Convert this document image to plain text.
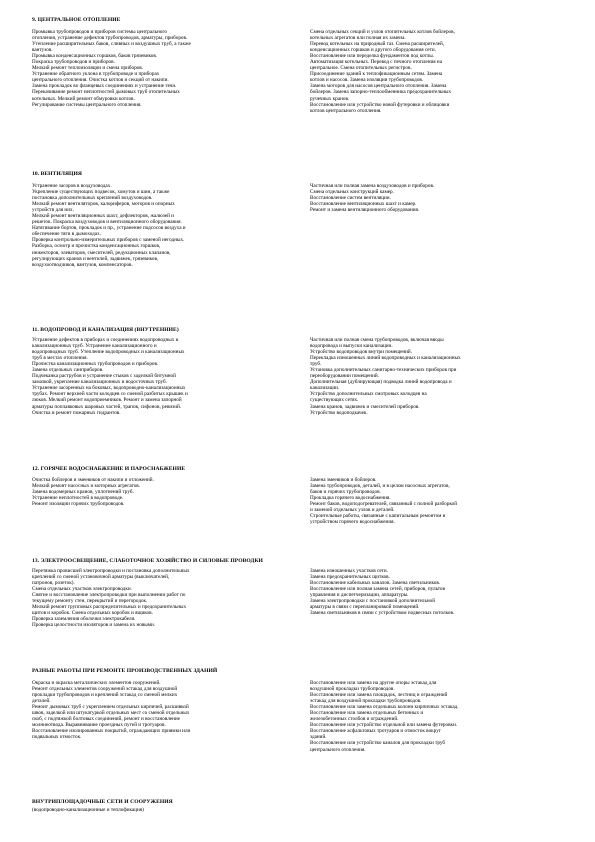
9. ЦЕНТРАЛЬНОЕ ОТОПЛЕНИЕ
Промывка трубопроводов и приборов системы центрального
отопления, устранение дефектов трубопроводов, арматуры, приборов.
Утепление расширительных баков, сливных и воздушных труб, а также
вантузов.
Промывка конденсационных горшков, баков грязевиков.
Покраска трубопроводов и приборов.
Мелкий ремонт теплоизоляции и смена приборов.
Устранение обратного уклона в трубопроводе и приборах
центрального отопления. Очистка котлов и секций от накипи.
Замена прокладок во фланцевых соединениях и устранение течи.
Перекачивание ремонт неплотностей дымовых труб отопительных
котельных. Мелкий ремонт обмуровки котлов.
Регулирование системы центрального отопления.
Смена отдельных секций и узлов отопительных котлов бойлеров,
котельных агрегатов или полная их замена.
Перевод котельных на природный газ. Смена расширителей,
конденсационных горшков и другого оборудования сети.
Восстановление или переделка фундаментов под котлы.
Автоматизация котельных. Перевод с печного отопления на
центральное. Смена отопительных регистров.
Присоединение зданий к теплофикационным сетям. Замена
котлов и насосов. Замена изоляции трубопроводов.
Замена моторов для насосов центрального отопления. Замена
бойлеров. Замена запорно-теплообменника предохранительных
ручечных кранов.
Восстановление или устройство новой футеровки и облицовки
котлов центрального отопления.
10. ВЕНТИЛЯЦИЯ
Устранение засоров в воздуховодах.
Укрепление существующих подвесок, хомутов и шин, а также
постановка дополнительных креплений воздуховодов.
Мелкий ремонт вентиляторов, калориферов, моторов и опорных
устройств для них.
Мелкий ремонт вентиляционных шахт, дефлекторов, жалюзей и
решеток. Покраска воздуховодов и вентиляционного оборудования.
Натягивание бортов, прокладок и пр., устранение подсосов воздуха и
обеспечение тяги в дымоходах.
Проверка контрольно-измерительных приборов с заменой негодных.
Разборка, осмотр и прочистка конденсационных горшков,
инжекторов, элеваторов, смесителей, редукционных клапанов,
регулирующих кранов и вентилей, задвижек, грязевиков,
воздухоотводчиков, вантузов, компенсаторов.
Частичная или полная замена воздуховодов и приборов.
Смена отдельных конструкций камер.
Восстановление систем вентиляции.
Восстановление вентиляционных шахт и камер.
Ремонт и замена вентиляционного оборудования.
11. ВОДОПРОВОД И КАНАЛИЗАЦИЯ (ВНУТРЕННИЕ)
Устранение дефектов в приборах и соединениях водопроводных и
канализационных труб. Устранение канализационного и
водопроводных труб. Утепление водопроводных и канализационных
труб в местах отопления.
Прочистка канализационных трубопроводов и приборов.
Замена отдельных санприборов.
Подчеканка раструбов и устранение стыков с заделкой битумной
замазкой, укрепление канализационных и водосточных труб.
Устранение засоренных на боковых, водопроводно-канализационных
трубах. Ремонт верхней части колодцев со сменой разбитых крышек и
люков. Мелкий ремонт водоприемников. Ремонт и замена запорной
арматуры поплавковых шаровых частей, трапов, сифонов, ревизий.
Очистка и ремонт пожарных гидрантов.
Частичная или полная смена трубопроводов, включая вводы
водопровода и выпуски канализации.
Устройство водопроводов внутри помещений.
Перекладка изношенных линий водопроводных и канализационных
труб.
Установка дополнительных санитарно-технических приборов при
переоборудовании помещений.
Дополнительная (дублирующая) подводка линий водопровода и
канализации.
Устройство дополнительных смотровых колодцев на
существующих сетях.
Замена кранов, задвижек и смесителей приборов.
Устройство водоподкачек.
12. ГОРЯЧЕЕ ВОДОСНАБЖЕНИЕ И ПАРОСНАБЖЕНИЕ
Очистка бойлеров и змеевиков от накипи и отложений.
Мелкий ремонт насосных и моторных агрегатов.
Замена водомерных кранов, уплотнений труб.
Устранение неплотностей в водопроводе.
Ремонт изоляции горячих трубопроводов.
Замена змеевиков и бойлеров.
Замена трубопроводов, деталей, и в целом насосных агрегатов,
баков и горячих трубопроводов.
Прокладка горячего водоснабжения.
Ремонт баков, водоподогревателей, связанный с полной разборкой
и заменой отдельных узлов и деталей.
Строительные работы, связанные с капитальным ремонтом и
устройством горячего водоснабжения.
13. ЭЛЕКТРООСВЕЩЕНИЕ, СЛАБОТОЧНОЕ ХОЗЯЙСТВО И СИЛОВЫЕ ПРОВОДКИ
Перетяжка провисшей электропроводки и постановка дополнительных
креплений со сменой установочной арматуры (выключателей,
патронов, розеток).
Смена отдельных участков электропроводки.
Снятие и восстановление электропроводки при выполнении работ по
текущему ремонту стен, перекрытий и перегородок.
Мелкий ремонт групповых распределительных и предохранительных
щитов и коробок. Смена отдельных коробок и ящиков.
Проверка заземления оболочки электрокабеля.
Проверка целостности изоляторов и замена их новыми.
Замена изношенных участков сети.
Замена предохранительных щитков.
Восстановление кабельных каналов. Замена светильников.
Восстановление или полная замена сетей, приборов, пультов
управления и диспетчеризации, аппаратуры.
Замена электропроводки с постановкой дополнительной
арматуры в связи с перепланировкой помещений.
Замена светильников в связи с устройством подвесных потолков.
РАЗНЫЕ РАБОТЫ ПРИ РЕМОНТЕ ПРОИЗВОДСТВЕННЫХ ЗДАНИЙ
Окраска и окраска металлических элементов сооружений.
Ремонт отдельных элементов сооружений эстакад для воздушной
прокладки трубопроводов и креплений эстакад со сменой мелких
деталей.
Ремонт дымовых труб с укреплением отдельных кирпичей, расшивкой
швов, заделкой или штукатуркой отдельных мест со сменой отдельных
скоб, с подтяжкой болтовых соединений, ремонт и восстановление
молниеотвода. Выравнивание проездных путей и тротуаров.
Восстановление изолированных покрытий, ограждающих приямки или
подвальных отмосток.
Восстановление или замена на другие опоры эстакад для
воздушной прокладки трубопроводов.
Восстановление или замена площадок, лестниц и ограждений
эстакад для воздушной прокладки трубопроводов.
Восстановление или замена отдельных колонн кирпичных эстакад.
Восстановление или замена отдельных бетонных и
железобетонных столбов и ограждений.
Восстановление или устройство отдельной или замена футеровки.
Восстановление асфальтовых тротуаров и отмосток вокруг
зданий.
Восстановление или устройство каналов для прокладки труб
центрального отопления.
ВНУТРИПЛОЩАДОЧНЫЕ СЕТИ И СООРУЖЕНИЯ
(водопроводно-канализационные и теплофикация)
